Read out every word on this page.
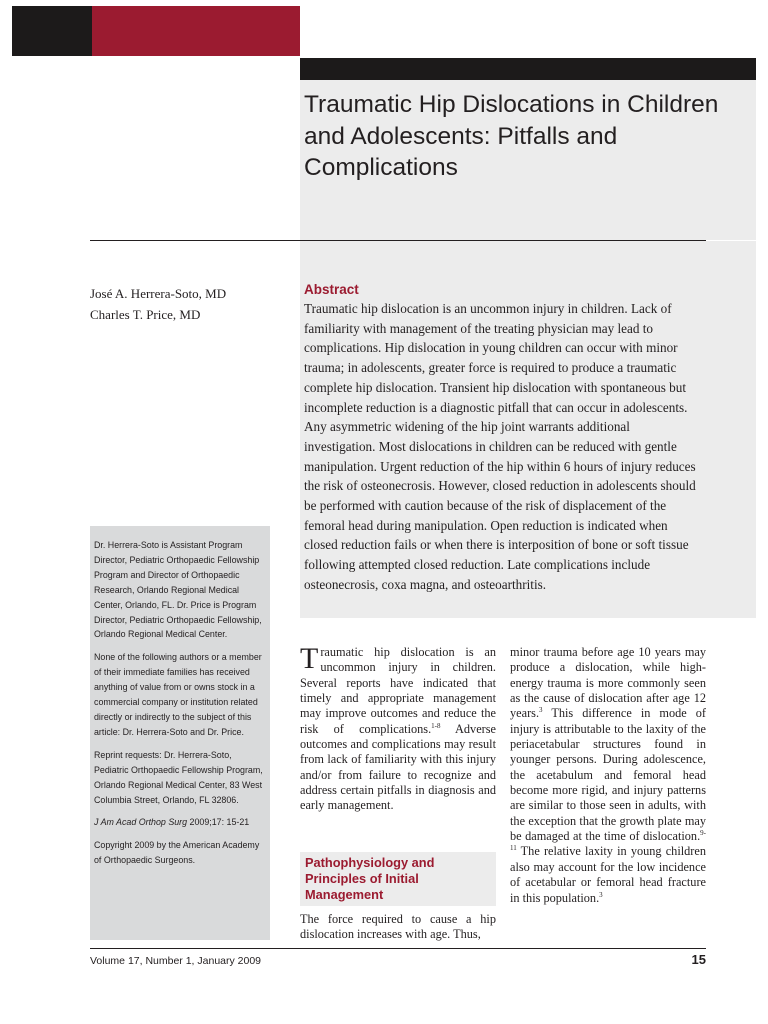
Traumatic Hip Dislocations in Children and Adolescents: Pitfalls and Complications
José A. Herrera-Soto, MD
Charles T. Price, MD
Abstract

Traumatic hip dislocation is an uncommon injury in children. Lack of familiarity with management of the treating physician may lead to complications. Hip dislocation in young children can occur with minor trauma; in adolescents, greater force is required to produce a traumatic complete hip dislocation. Transient hip dislocation with spontaneous but incomplete reduction is a diagnostic pitfall that can occur in adolescents. Any asymmetric widening of the hip joint warrants additional investigation. Most dislocations in children can be reduced with gentle manipulation. Urgent reduction of the hip within 6 hours of injury reduces the risk of osteonecrosis. However, closed reduction in adolescents should be performed with caution because of the risk of displacement of the femoral head during manipulation. Open reduction is indicated when closed reduction fails or when there is interposition of bone or soft tissue following attempted closed reduction. Late complications include osteonecrosis, coxa magna, and osteoarthritis.

Dr. Herrera-Soto is Assistant Program Director, Pediatric Orthopaedic Fellowship Program and Director of Orthopaedic Research, Orlando Regional Medical Center, Orlando, FL. Dr. Price is Program Director, Pediatric Orthopaedic Fellowship, Orlando Regional Medical Center.

None of the following authors or a member of their immediate families has received anything of value from or owns stock in a commercial company or institution related directly or indirectly to the subject of this article: Dr. Herrera-Soto and Dr. Price.

Reprint requests: Dr. Herrera-Soto, Pediatric Orthopaedic Fellowship Program, Orlando Regional Medical Center, 83 West Columbia Street, Orlando, FL 32806.

J Am Acad Orthop Surg 2009;17: 15-21

Copyright 2009 by the American Academy of Orthopaedic Surgeons.

Traumatic hip dislocation is an uncommon injury in children. Several reports have indicated that timely and appropriate management may improve outcomes and reduce the risk of complications.$^{1-8}$ Adverse outcomes and complications may result from lack of familiarity with this injury and/or from failure to recognize and address certain pitfalls in diagnosis and early management.

Pathophysiology and Principles of Initial Management

The force required to cause a hip dislocation increases with age. Thus,

minor trauma before age 10 years may produce a dislocation, while high-energy trauma is more commonly seen as the cause of dislocation after age 12 years.$^3$ This difference in mode of injury is attributable to the laxity of the periacetabular structures found in younger persons. During adolescence, the acetabulum and femoral head become more rigid, and injury patterns are similar to those seen in adults, with the exception that the growth plate may be damaged at the time of dislocation.$^{9-11}$ The relative laxity in young children also may account for the low incidence of acetabular or femoral head fracture in this population.$^3$

Volume 17, Number 1, January 2009	15
